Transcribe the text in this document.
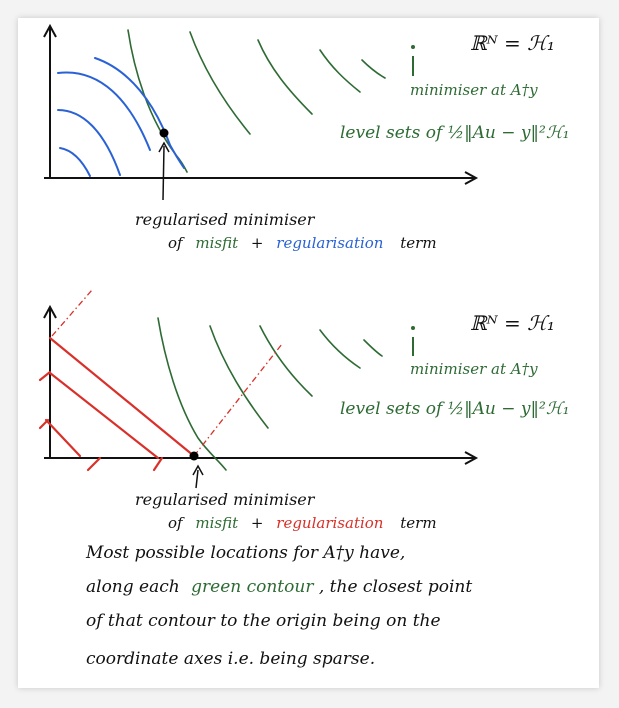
ℝᴺ = ℋ₁
minimiser at A†y
level sets of ½‖Au − y‖²ℋ₁
regularised minimiser
of misfit + regularisation term
ℝᴺ = ℋ₁
minimiser at A†y
level sets of ½‖Au − y‖²ℋ₁
regularised minimiser
of misfit + regularisation term
Most possible locations for A†y have,
along each green contour , the closest point
of that contour to the origin being on the
coordinate axes i.e. being sparse.
